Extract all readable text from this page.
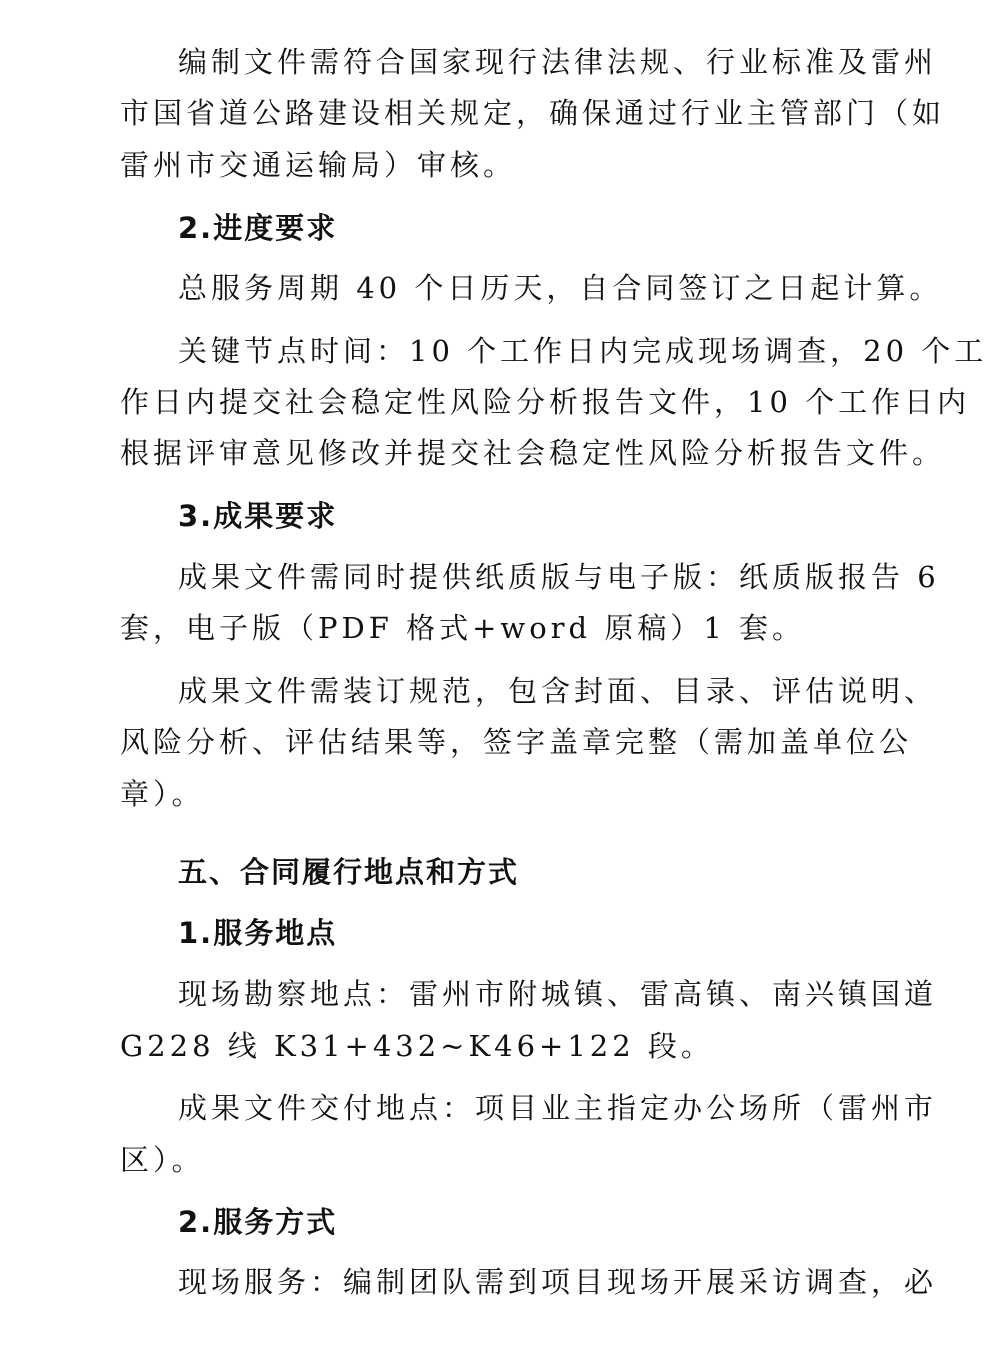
编制文件需符合国家现行法律法规、行业标准及雷州
市国省道公路建设相关规定，确保通过行业主管部门（如
雷州市交通运输局）审核。
2.进度要求
总服务周期 40 个日历天，自合同签订之日起计算。
关键节点时间：10 个工作日内完成现场调查，20 个工
作日内提交社会稳定性风险分析报告文件，10 个工作日内
根据评审意见修改并提交社会稳定性风险分析报告文件。
3.成果要求
成果文件需同时提供纸质版与电子版：纸质版报告 6
套，电子版（PDF 格式+word 原稿）1 套。
成果文件需装订规范，包含封面、目录、评估说明、
风险分析、评估结果等，签字盖章完整（需加盖单位公
章）。
五、合同履行地点和方式
1.服务地点
现场勘察地点：雷州市附城镇、雷高镇、南兴镇国道
G228 线 K31+432~K46+122 段。
成果文件交付地点：项目业主指定办公场所（雷州市
区）。
2.服务方式
现场服务：编制团队需到项目现场开展采访调查，必
